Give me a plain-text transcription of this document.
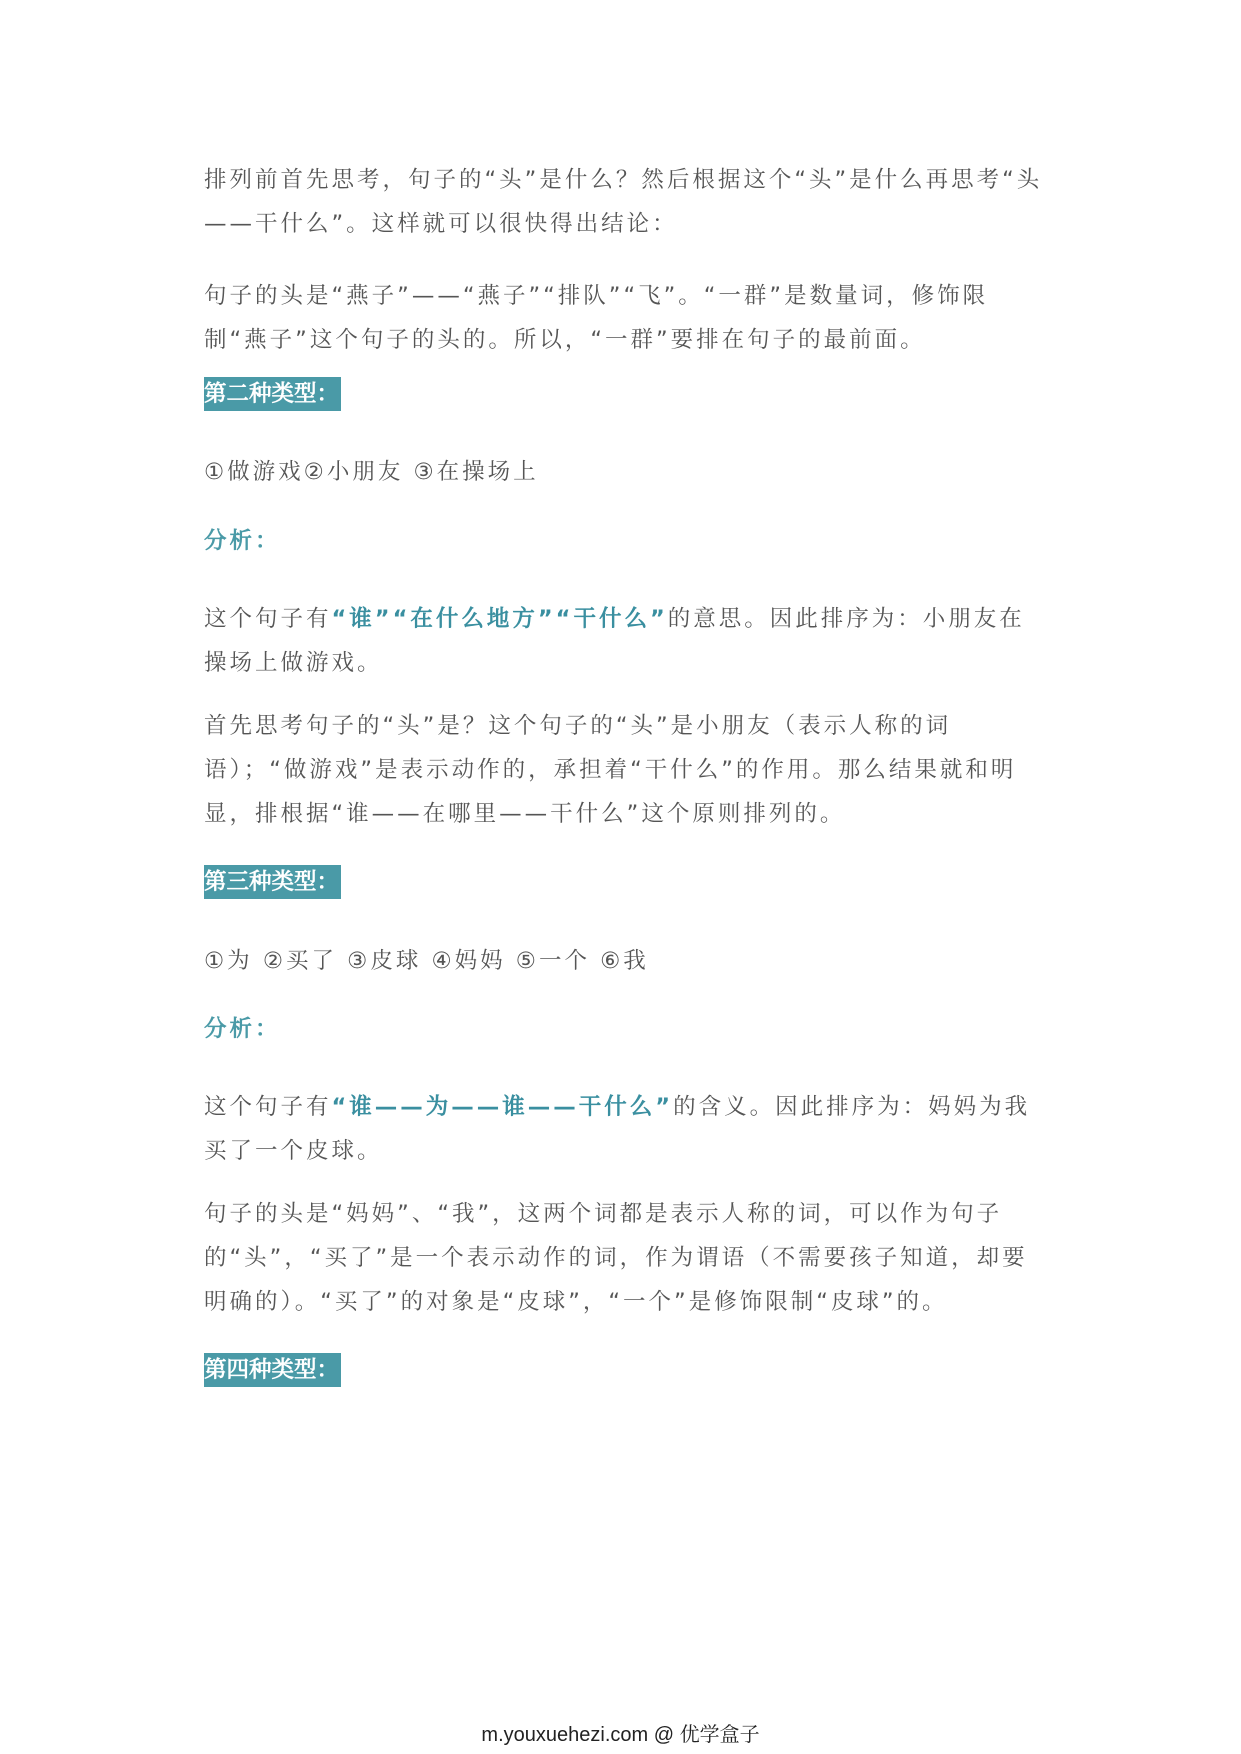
排列前首先思考，句子的“头”是什么？然后根据这个“头”是什么再思考“头——干什么”。这样就可以很快得出结论：

句子的头是“燕子”——“燕子”“排队”“飞”。“一群”是数量词，修饰限制“燕子”这个句子的头的。所以，“一群”要排在句子的最前面。

第二种类型：

①做游戏②小朋友 ③在操场上

分析：

这个句子有“谁”“在什么地方”“干什么”的意思。因此排序为：小朋友在操场上做游戏。

首先思考句子的“头”是？这个句子的“头”是小朋友（表示人称的词语）；“做游戏”是表示动作的，承担着“干什么”的作用。那么结果就和明显，排根据“谁——在哪里——干什么”这个原则排列的。

第三种类型：

①为 ②买了 ③皮球 ④妈妈 ⑤一个 ⑥我

分析：

这个句子有“谁——为——谁——干什么”的含义。因此排序为：妈妈为我买了一个皮球。

句子的头是“妈妈”、“我”，这两个词都是表示人称的词，可以作为句子的“头”，“买了”是一个表示动作的词，作为谓语（不需要孩子知道，却要明确的）。“买了”的对象是“皮球”，“一个”是修饰限制“皮球”的。

第四种类型：
m.youxuehezi.com @ 优学盒子
